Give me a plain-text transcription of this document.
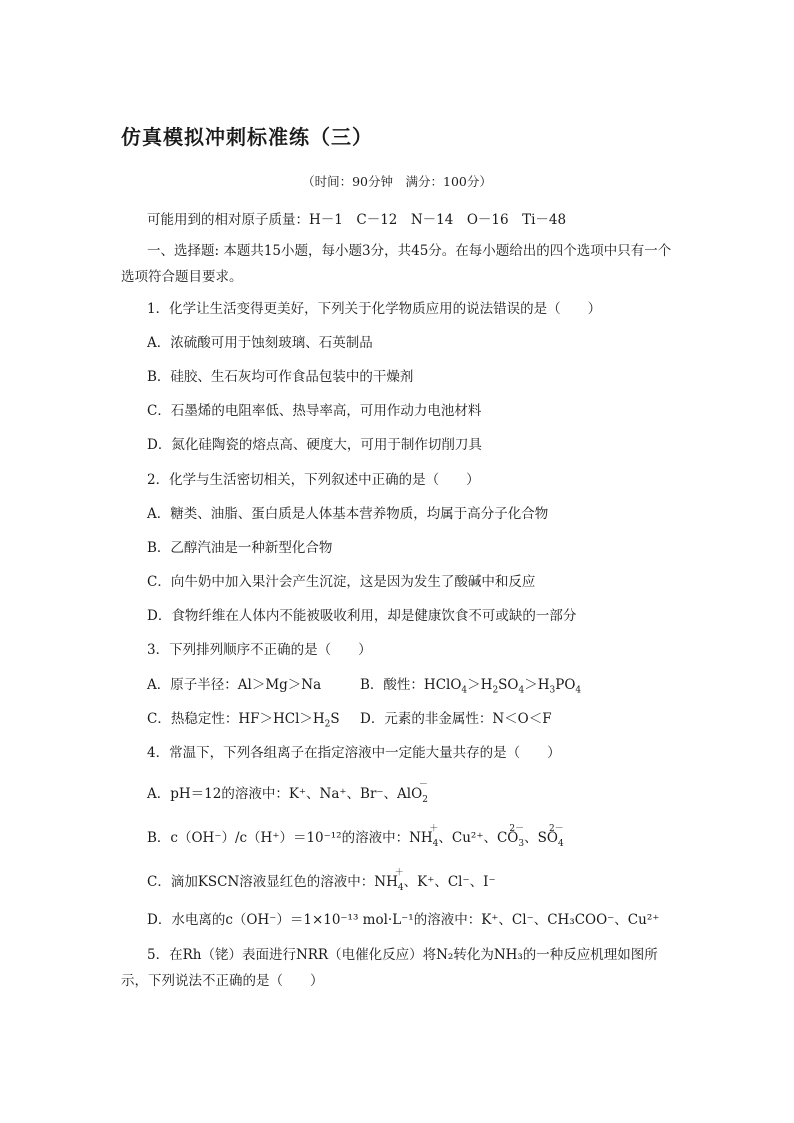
仿真模拟冲刺标准练（三）
（时间：90分钟　满分：100分）
可能用到的相对原子质量：H－1　C－12　N－14　O－16　Ti－48
一、选择题: 本题共15小题，每小题3分，共45分。在每小题给出的四个选项中只有一个选项符合题目要求。
1．化学让生活变得更美好，下列关于化学物质应用的说法错误的是（　　）
A．浓硫酸可用于蚀刻玻璃、石英制品
B．硅胶、生石灰均可作食品包装中的干燥剂
C．石墨烯的电阻率低、热导率高，可用作动力电池材料
D．氮化硅陶瓷的熔点高、硬度大，可用于制作切削刀具
2．化学与生活密切相关，下列叙述中正确的是（　　）
A．糖类、油脂、蛋白质是人体基本营养物质，均属于高分子化合物
B．乙醇汽油是一种新型化合物
C．向牛奶中加入果汁会产生沉淀，这是因为发生了酸碱中和反应
D．食物纤维在人体内不能被吸收利用，却是健康饮食不可或缺的一部分
3．下列排列顺序不正确的是（　　）
A．原子半径：Al＞Mg＞Na	B．酸性：$HClO_4>H_2SO_4>H_3PO_4$
C．热稳定性：$HF>HCl>H_2S$ D．元素的非金属性：N＜O＜F
4．常温下，下列各组离子在指定溶液中一定能大量共存的是（　　）
A．pH＝12的溶液中：K⁺、Na⁺、Br⁻、AlO
－
$_2$
B．c（OH⁻）/c（H⁺）＝10⁻¹²的溶液中：NH
＋
$_4$、Cu²⁺、CO
2－
$_3$、SO
2－
$_4$
C．滴加KSCN溶液显红色的溶液中：NH
＋
$_4$、K⁺、Cl⁻、I⁻
D．水电离的c（OH⁻）＝1×10⁻¹³ mol·L⁻¹的溶液中：K⁺、Cl⁻、CH₃COO⁻、Cu²⁺
5．在Rh（铑）表面进行NRR（电催化反应）将N₂转化为NH₃的一种反应机理如图所示，下列说法不正确的是（　　）
